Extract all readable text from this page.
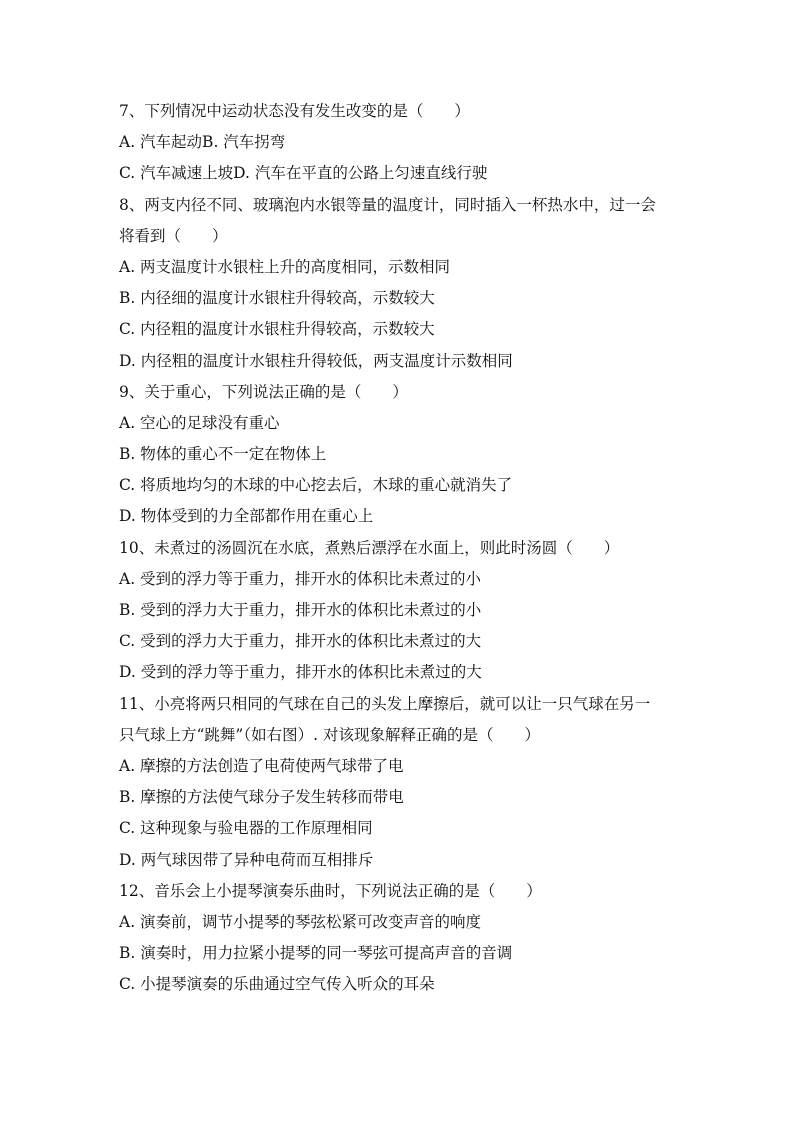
7、下列情况中运动状态没有发生改变的是（　　）
A. 汽车起动B. 汽车拐弯
C. 汽车减速上坡D. 汽车在平直的公路上匀速直线行驶
8、两支内径不同、玻璃泡内水银等量的温度计，同时插入一杯热水中，过一会
将看到（　　）
A. 两支温度计水银柱上升的高度相同，示数相同
B. 内径细的温度计水银柱升得较高，示数较大
C. 内径粗的温度计水银柱升得较高，示数较大
D. 内径粗的温度计水银柱升得较低，两支温度计示数相同
9、关于重心，下列说法正确的是（　　）
A. 空心的足球没有重心
B. 物体的重心不一定在物体上
C. 将质地均匀的木球的中心挖去后，木球的重心就消失了
D. 物体受到的力全部都作用在重心上
10、未煮过的汤圆沉在水底，煮熟后漂浮在水面上，则此时汤圆（　　）
A. 受到的浮力等于重力，排开水的体积比未煮过的小
B. 受到的浮力大于重力，排开水的体积比未煮过的小
C. 受到的浮力大于重力，排开水的体积比未煮过的大
D. 受到的浮力等于重力，排开水的体积比未煮过的大
11、小亮将两只相同的气球在自己的头发上摩擦后，就可以让一只气球在另一
只气球上方“跳舞”（如右图）. 对该现象解释正确的是（　　）
A. 摩擦的方法创造了电荷使两气球带了电
B. 摩擦的方法使气球分子发生转移而带电
C. 这种现象与验电器的工作原理相同
D. 两气球因带了异种电荷而互相排斥
12、音乐会上小提琴演奏乐曲时，下列说法正确的是（　　）
A. 演奏前，调节小提琴的琴弦松紧可改变声音的响度
B. 演奏时，用力拉紧小提琴的同一琴弦可提高声音的音调
C. 小提琴演奏的乐曲通过空气传入听众的耳朵
